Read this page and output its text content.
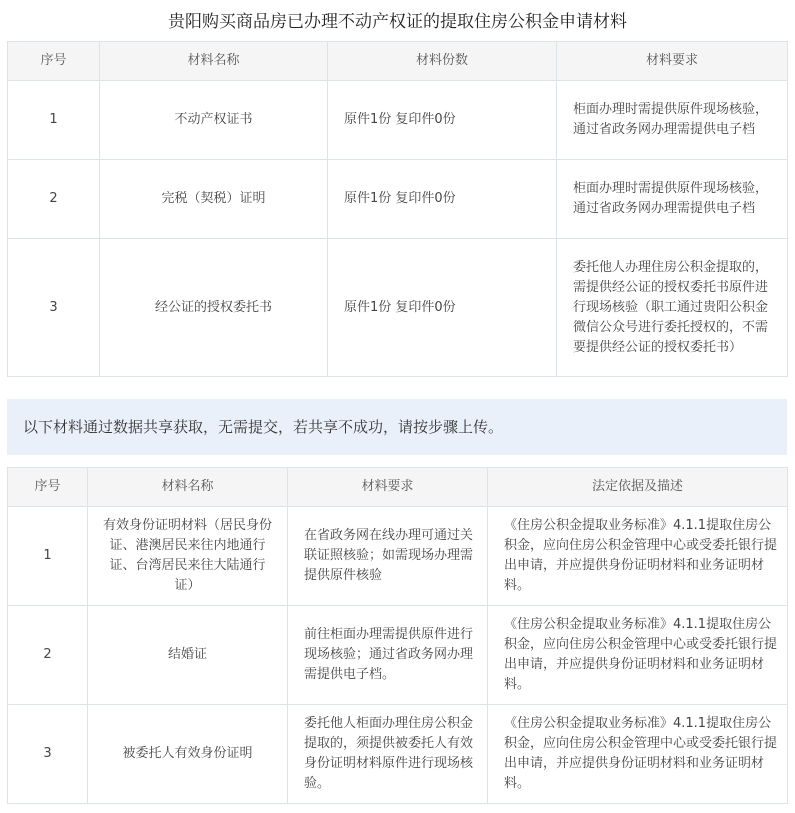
贵阳购买商品房已办理不动产权证的提取住房公积金申请材料
序号	材料名称	材料份数	材料要求
1	不动产权证书	原件1份 复印件0份	柜面办理时需提供原件现场核验，通过省政务网办理需提供电子档
2	完税（契税）证明	原件1份 复印件0份	柜面办理时需提供原件现场核验，通过省政务网办理需提供电子档
3	经公证的授权委托书	原件1份 复印件0份	委托他人办理住房公积金提取的，需提供经公证的授权委托书原件进行现场核验（职工通过贵阳公积金微信公众号进行委托授权的，不需要提供经公证的授权委托书）
以下材料通过数据共享获取，无需提交，若共享不成功，请按步骤上传。
序号	材料名称	材料要求	法定依据及描述
1	有效身份证明材料（居民身份证、港澳居民来往内地通行证、台湾居民来往大陆通行证）	在省政务网在线办理可通过关联证照核验；如需现场办理需提供原件核验	《住房公积金提取业务标准》4.1.1提取住房公积金，应向住房公积金管理中心或受委托银行提出申请，并应提供身份证明材料和业务证明材料。
2	结婚证	前往柜面办理需提供原件进行现场核验；通过省政务网办理需提供电子档。	《住房公积金提取业务标准》4.1.1提取住房公积金，应向住房公积金管理中心或受委托银行提出申请，并应提供身份证明材料和业务证明材料。
3	被委托人有效身份证明	委托他人柜面办理住房公积金提取的，须提供被委托人有效身份证明材料原件进行现场核验。	《住房公积金提取业务标准》4.1.1提取住房公积金，应向住房公积金管理中心或受委托银行提出申请，并应提供身份证明材料和业务证明材料。
